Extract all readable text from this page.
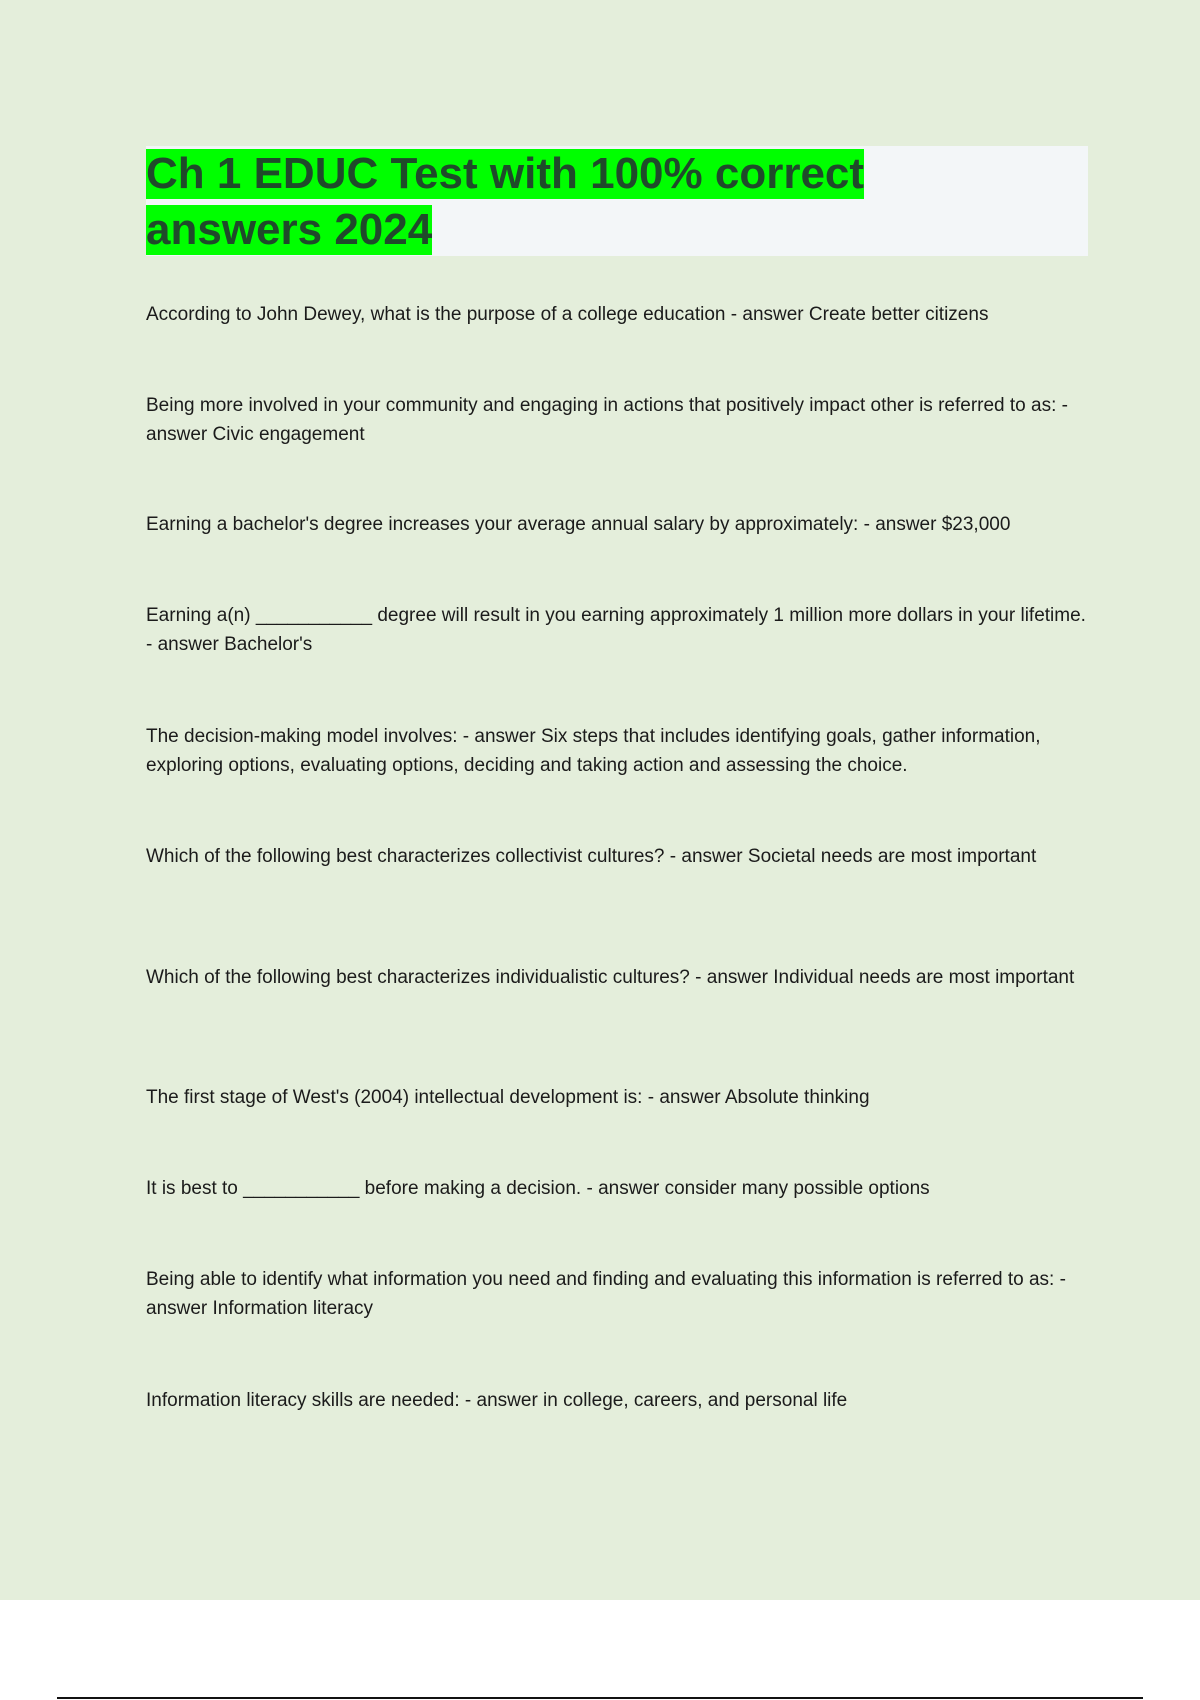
Ch 1 EDUC Test with 100% correct answers 2024
According to John Dewey, what is the purpose of a college education - answer Create better citizens
Being more involved in your community and engaging in actions that positively impact other is referred to as: - answer Civic engagement
Earning a bachelor's degree increases your average annual salary by approximately: - answer $23,000
Earning a(n) ___________ degree will result in you earning approximately 1 million more dollars in your lifetime. - answer Bachelor's
The decision-making model involves: - answer Six steps that includes identifying goals, gather information, exploring options, evaluating options, deciding and taking action and assessing the choice.
Which of the following best characterizes collectivist cultures? - answer Societal needs are most important
Which of the following best characterizes individualistic cultures? - answer Individual needs are most important
The first stage of West's (2004) intellectual development is: - answer Absolute thinking
It is best to ___________ before making a decision. - answer consider many possible options
Being able to identify what information you need and finding and evaluating this information is referred to as: - answer Information literacy
Information literacy skills are needed: - answer in college, careers, and personal life
